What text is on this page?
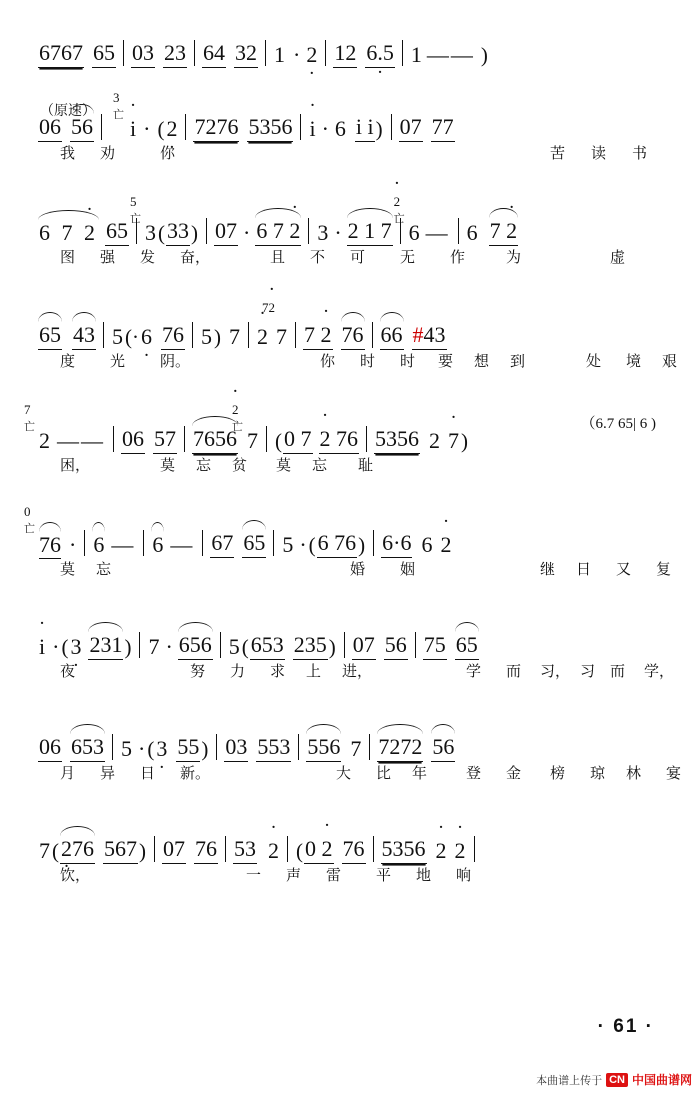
6767 65 03 23 64 32 1 · 2 · 12 6.5 · 1 —— )
（原速）
06 56
· 3
亡
i · ( 2 · 7276 5356 · i · 6 i i ) 07 77
我 劝	你	苦 读 书
（6.7 65| 6 )
6 7 · 2 65
5
亡
3 ( 33 ) 07 · 6 7 · 2 3 · 2 1 7
· 2
亡
6 — 6 7 · 2
图 强 发 奋，	且 不 可 无 作	为	虚
65 43 5 (· 6 · 76 5 ) 7
· 7· 2
2 7 7 · 2 76 66 #43
度 光 阴。	你 时 时 要 想 到	处 境 艰
7
亡
2 —— 06 57 7656
· 2
亡
7 ( 0 7 · 2 76 5356 2 · 7 )
困，	莫 忘 贫 莫 忘 耻
0
亡
76 · 6 — 6 — 67 65 5 · ( 6 76 ) 6·6 6 · 2
莫 忘	婚 姻	继 日 又 复
· i · ( 3 · 231 ) 7 · 656 5 ( 653 235 ) 07 56 75 65
夜	努 力 求 上 进，	学 而 习， 习 而 学，
06 653 5 · ( 3 · 55 ) 03 553 556 7 7272 56
月 异 日 新。	大 比 年	登 金 榜 琼 林 宴
7 ( 2 ·76 567 ) 07 76 53 · 2 ( 0 · 2 76 5356 · 2 · 2
饮，	一 声 雷 平 地 响
· 61 ·
本曲谱上传于 CN 中国曲谱网
